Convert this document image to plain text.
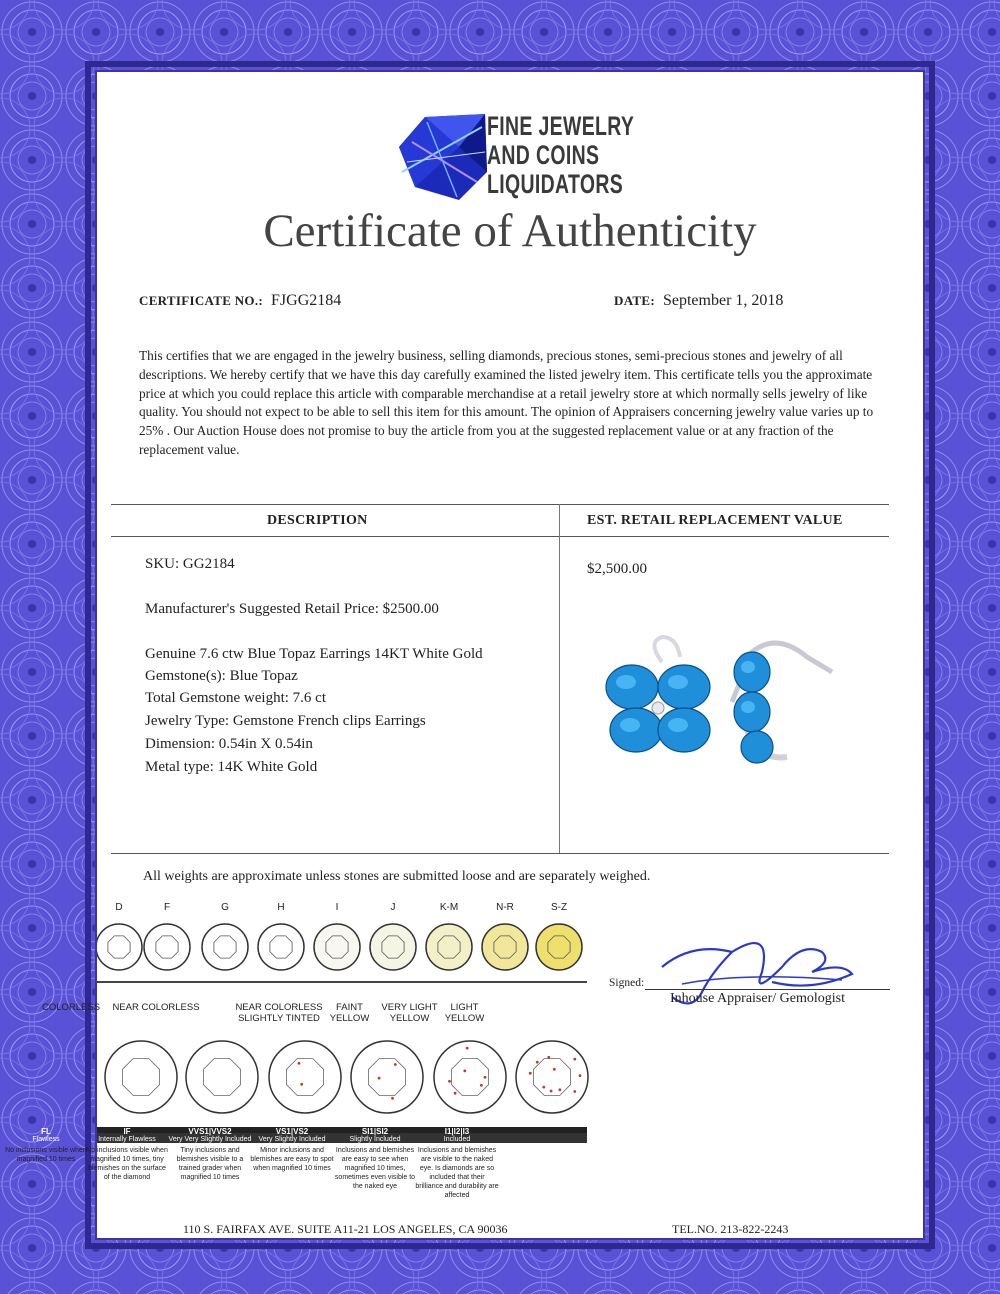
FINE JEWELRY
AND COINS
LIQUIDATORS
Certificate of Authenticity
CERTIFICATE NO.: FJGG2184	DATE: September 1, 2018
This certifies that we are engaged in the jewelry business, selling diamonds, precious stones, semi-precious stones and jewelry of all descriptions. We hereby certify that we have this day carefully examined the listed jewelry item. This certificate tells you the approximate price at which you could replace this article with comparable merchandise at a retail jewelry store at which normally sells jewelry of like quality. You should not expect to be able to sell this item for this amount. The opinion of Appraisers concerning jewelry value varies up to 25% . Our Auction House does not promise to buy the article from you at the suggested replacement value or at any fraction of the replacement value.
DESCRIPTION	EST. RETAIL REPLACEMENT VALUE
SKU: GG2184
Manufacturer's Suggested Retail Price: $2500.00
Genuine 7.6 ctw Blue Topaz Earrings 14KT White Gold
Gemstone(s): Blue Topaz
Total Gemstone weight: 7.6 ct
Jewelry Type: Gemstone French clips Earrings
Dimension: 0.54in X 0.54in
Metal type: 14K White Gold
$2,500.00
All weights are approximate unless stones are submitted loose and are separately weighed.
D	F	G	H	I	J	K-M	N-R	S-Z
COLORLESS	NEAR COLORLESS	NEAR COLORLESS SLIGHTLY TINTED
FAINT YELLOW
VERY LIGHT YELLOW
LIGHT YELLOW
FL
Flawless
No inclusions visible when magnified 10 times
IF
Internally Flawless
No inclusions visible when magnified 10 times, tiny blemishes on the surface of the diamond
VVS1|VVS2
Very Very Slightly Included
Tiny inclusions and blemishes visible to a trained grader when magnified 10 times
VS1|VS2
Very Slightly Included
Minor inclusions and blemishes are easy to spot when magnified 10 times
SI1|SI2
Slightly Included
Inclusions and blemishes are easy to see when magnified 10 times, sometimes even visible to the naked eye
I1|I2|I3
Included
Inclusions and blemishes are visible to the naked eye. Is diamonds are so included that their brilliance and durability are affected
Signed:
Inhouse Appraiser/ Gemologist
110 S. FAIRFAX AVE. SUITE A11-21 LOS ANGELES, CA 90036	TEL.NO. 213-822-2243
